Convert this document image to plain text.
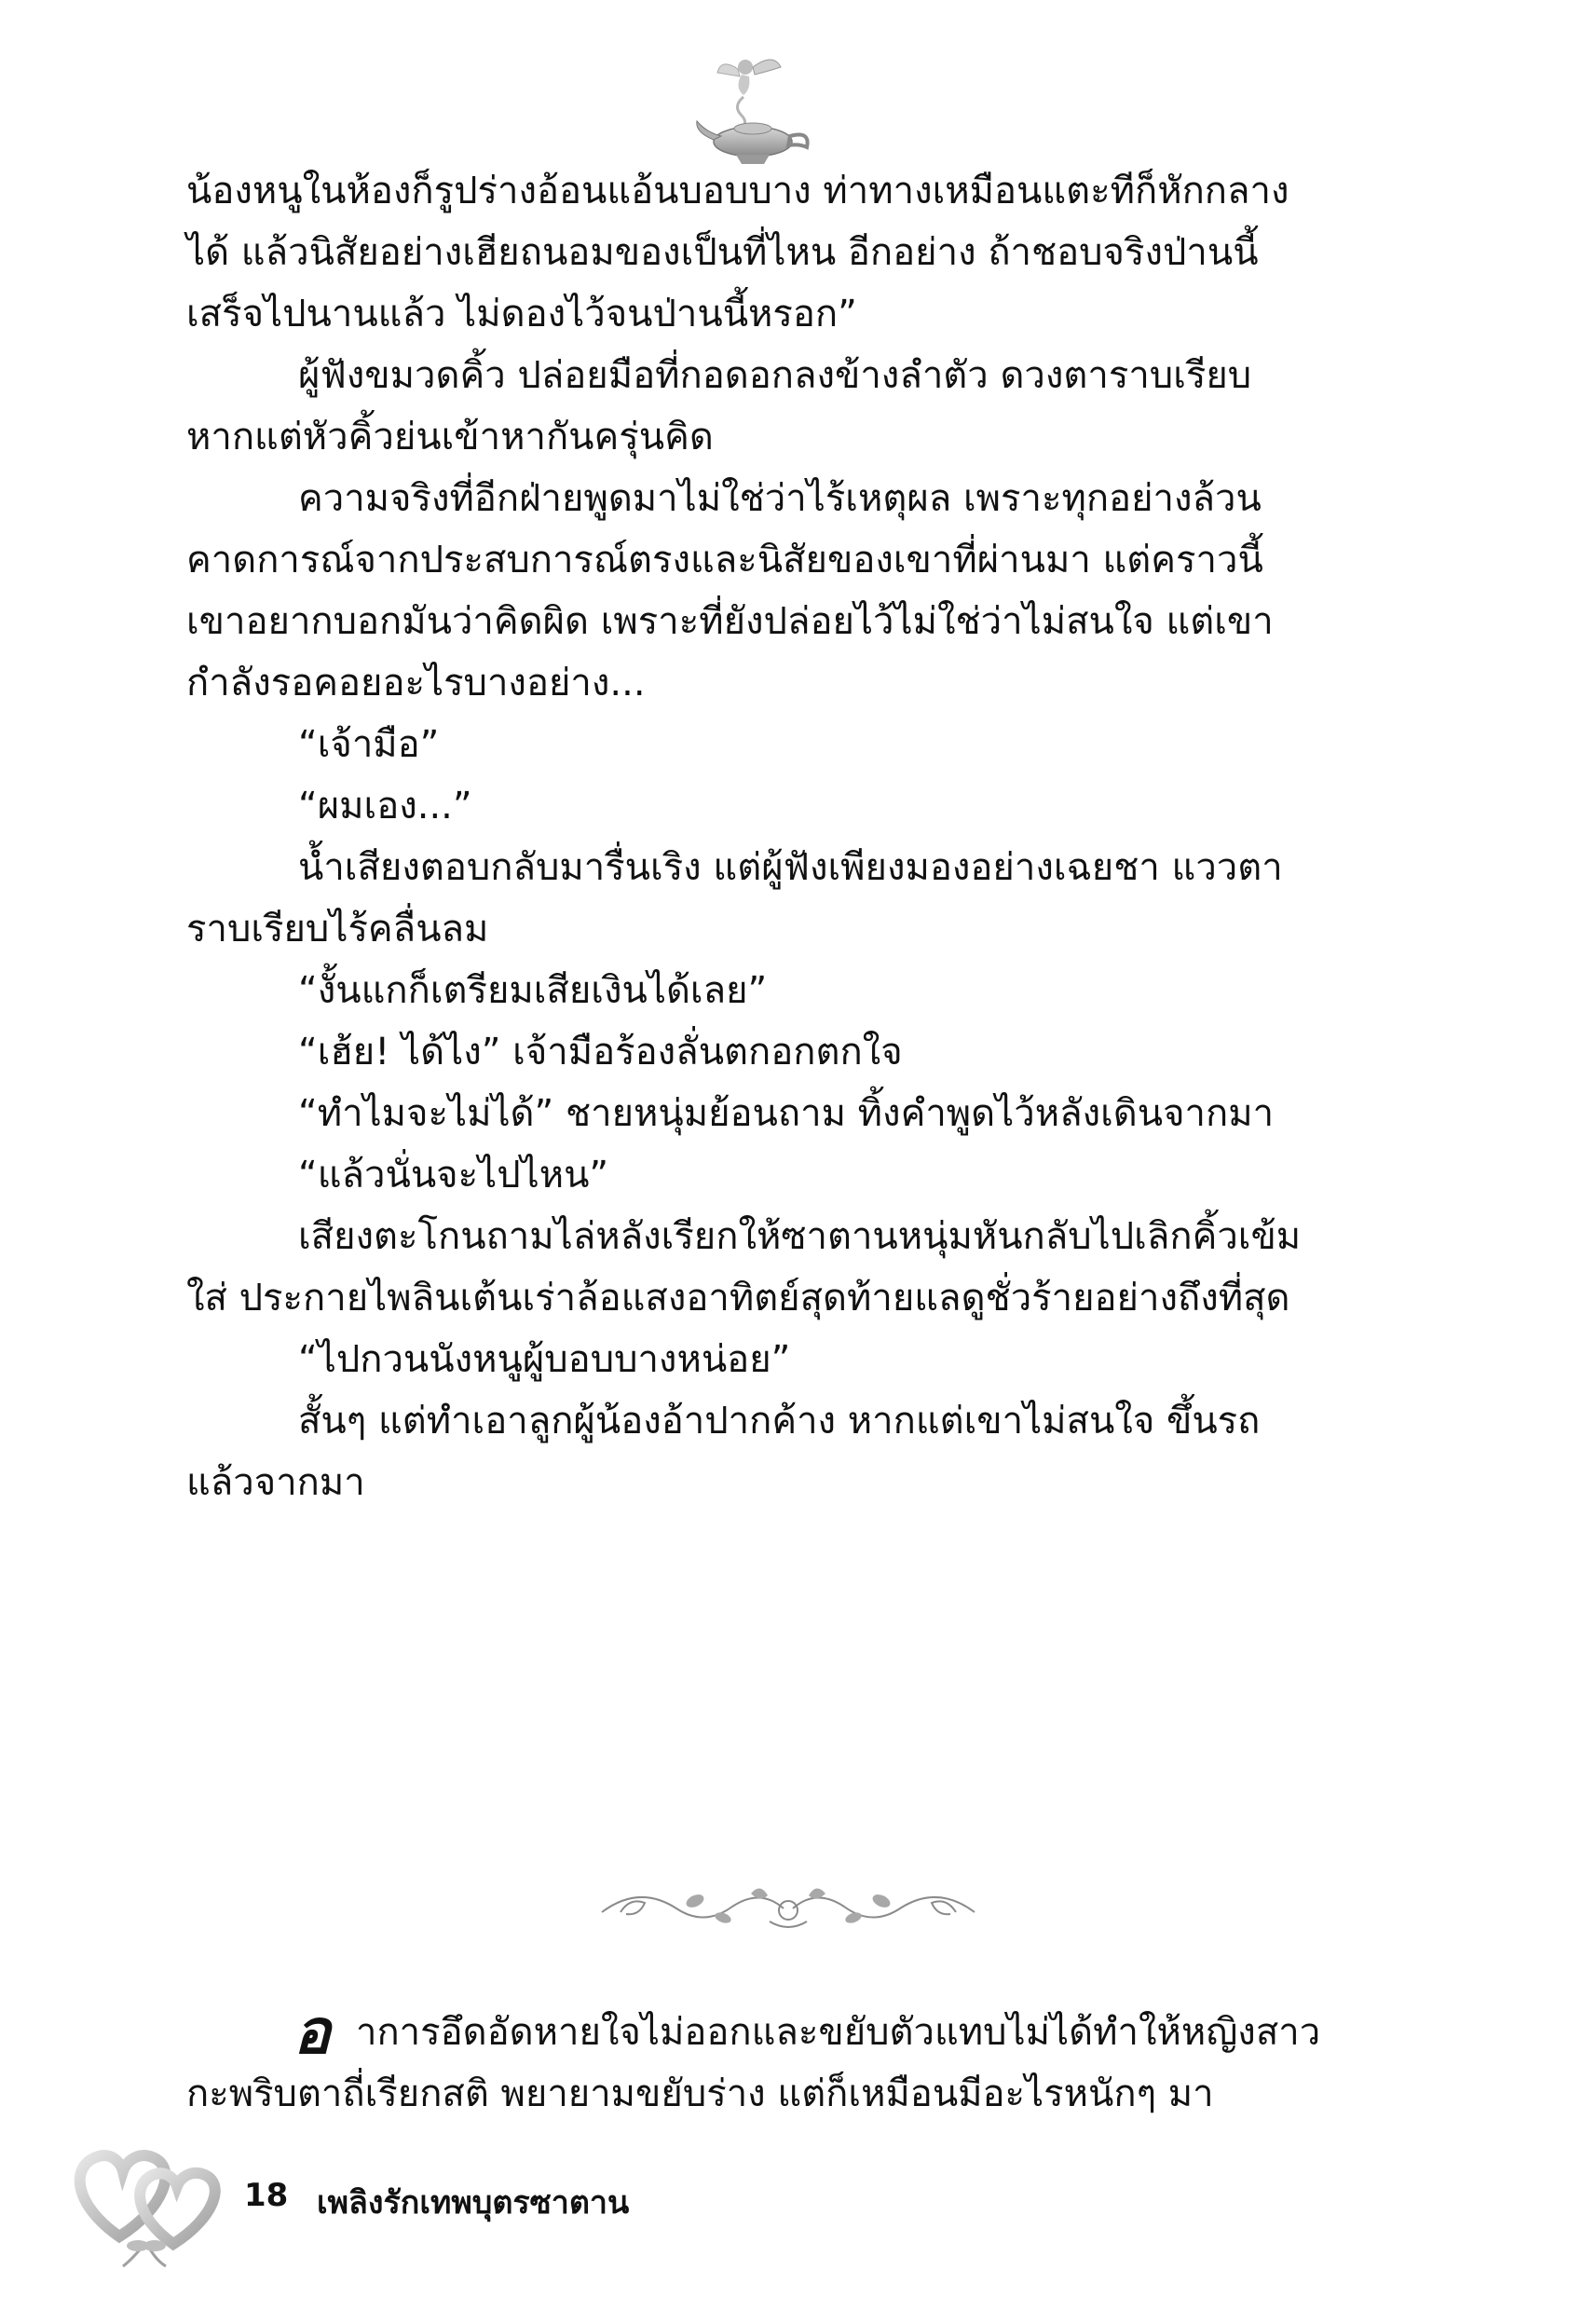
น้องหนูในห้องก็รูปร่างอ้อนแอ้นบอบบาง ท่าทางเหมือนแตะทีก็หักกลาง
ได้ แล้วนิสัยอย่างเฮียถนอมของเป็นที่ไหน อีกอย่าง ถ้าชอบจริงป่านนี้
เสร็จไปนานแล้ว ไม่ดองไว้จนป่านนี้หรอก”
ผู้ฟังขมวดคิ้ว ปล่อยมือที่กอดอกลงข้างลำตัว ดวงตาราบเรียบ
หากแต่หัวคิ้วย่นเข้าหากันครุ่นคิด
ความจริงที่อีกฝ่ายพูดมาไม่ใช่ว่าไร้เหตุผล เพราะทุกอย่างล้วน
คาดการณ์จากประสบการณ์ตรงและนิสัยของเขาที่ผ่านมา แต่คราวนี้
เขาอยากบอกมันว่าคิดผิด เพราะที่ยังปล่อยไว้ไม่ใช่ว่าไม่สนใจ แต่เขา
กำลังรอคอยอะไรบางอย่าง...
“เจ้ามือ”
“ผมเอง...”
น้ำเสียงตอบกลับมารื่นเริง แต่ผู้ฟังเพียงมองอย่างเฉยชา แววตา
ราบเรียบไร้คลื่นลม
“งั้นแกก็เตรียมเสียเงินได้เลย”
“เฮ้ย! ได้ไง” เจ้ามือร้องลั่นตกอกตกใจ
“ทำไมจะไม่ได้” ชายหนุ่มย้อนถาม ทิ้งคำพูดไว้หลังเดินจากมา
“แล้วนั่นจะไปไหน”
เสียงตะโกนถามไล่หลังเรียกให้ซาตานหนุ่มหันกลับไปเลิกคิ้วเข้ม
ใส่ ประกายไพลินเต้นเร่าล้อแสงอาทิตย์สุดท้ายแลดูชั่วร้ายอย่างถึงที่สุด
“ไปกวนนังหนูผู้บอบบางหน่อย”
สั้นๆ แต่ทำเอาลูกผู้น้องอ้าปากค้าง หากแต่เขาไม่สนใจ ขึ้นรถ
แล้วจากมา
อ าการอึดอัดหายใจไม่ออกและขยับตัวแทบไม่ได้ทำให้หญิงสาว
กะพริบตาถี่เรียกสติ พยายามขยับร่าง แต่ก็เหมือนมีอะไรหนักๆ มา
18 เพลิงรักเทพบุตรซาตาน
